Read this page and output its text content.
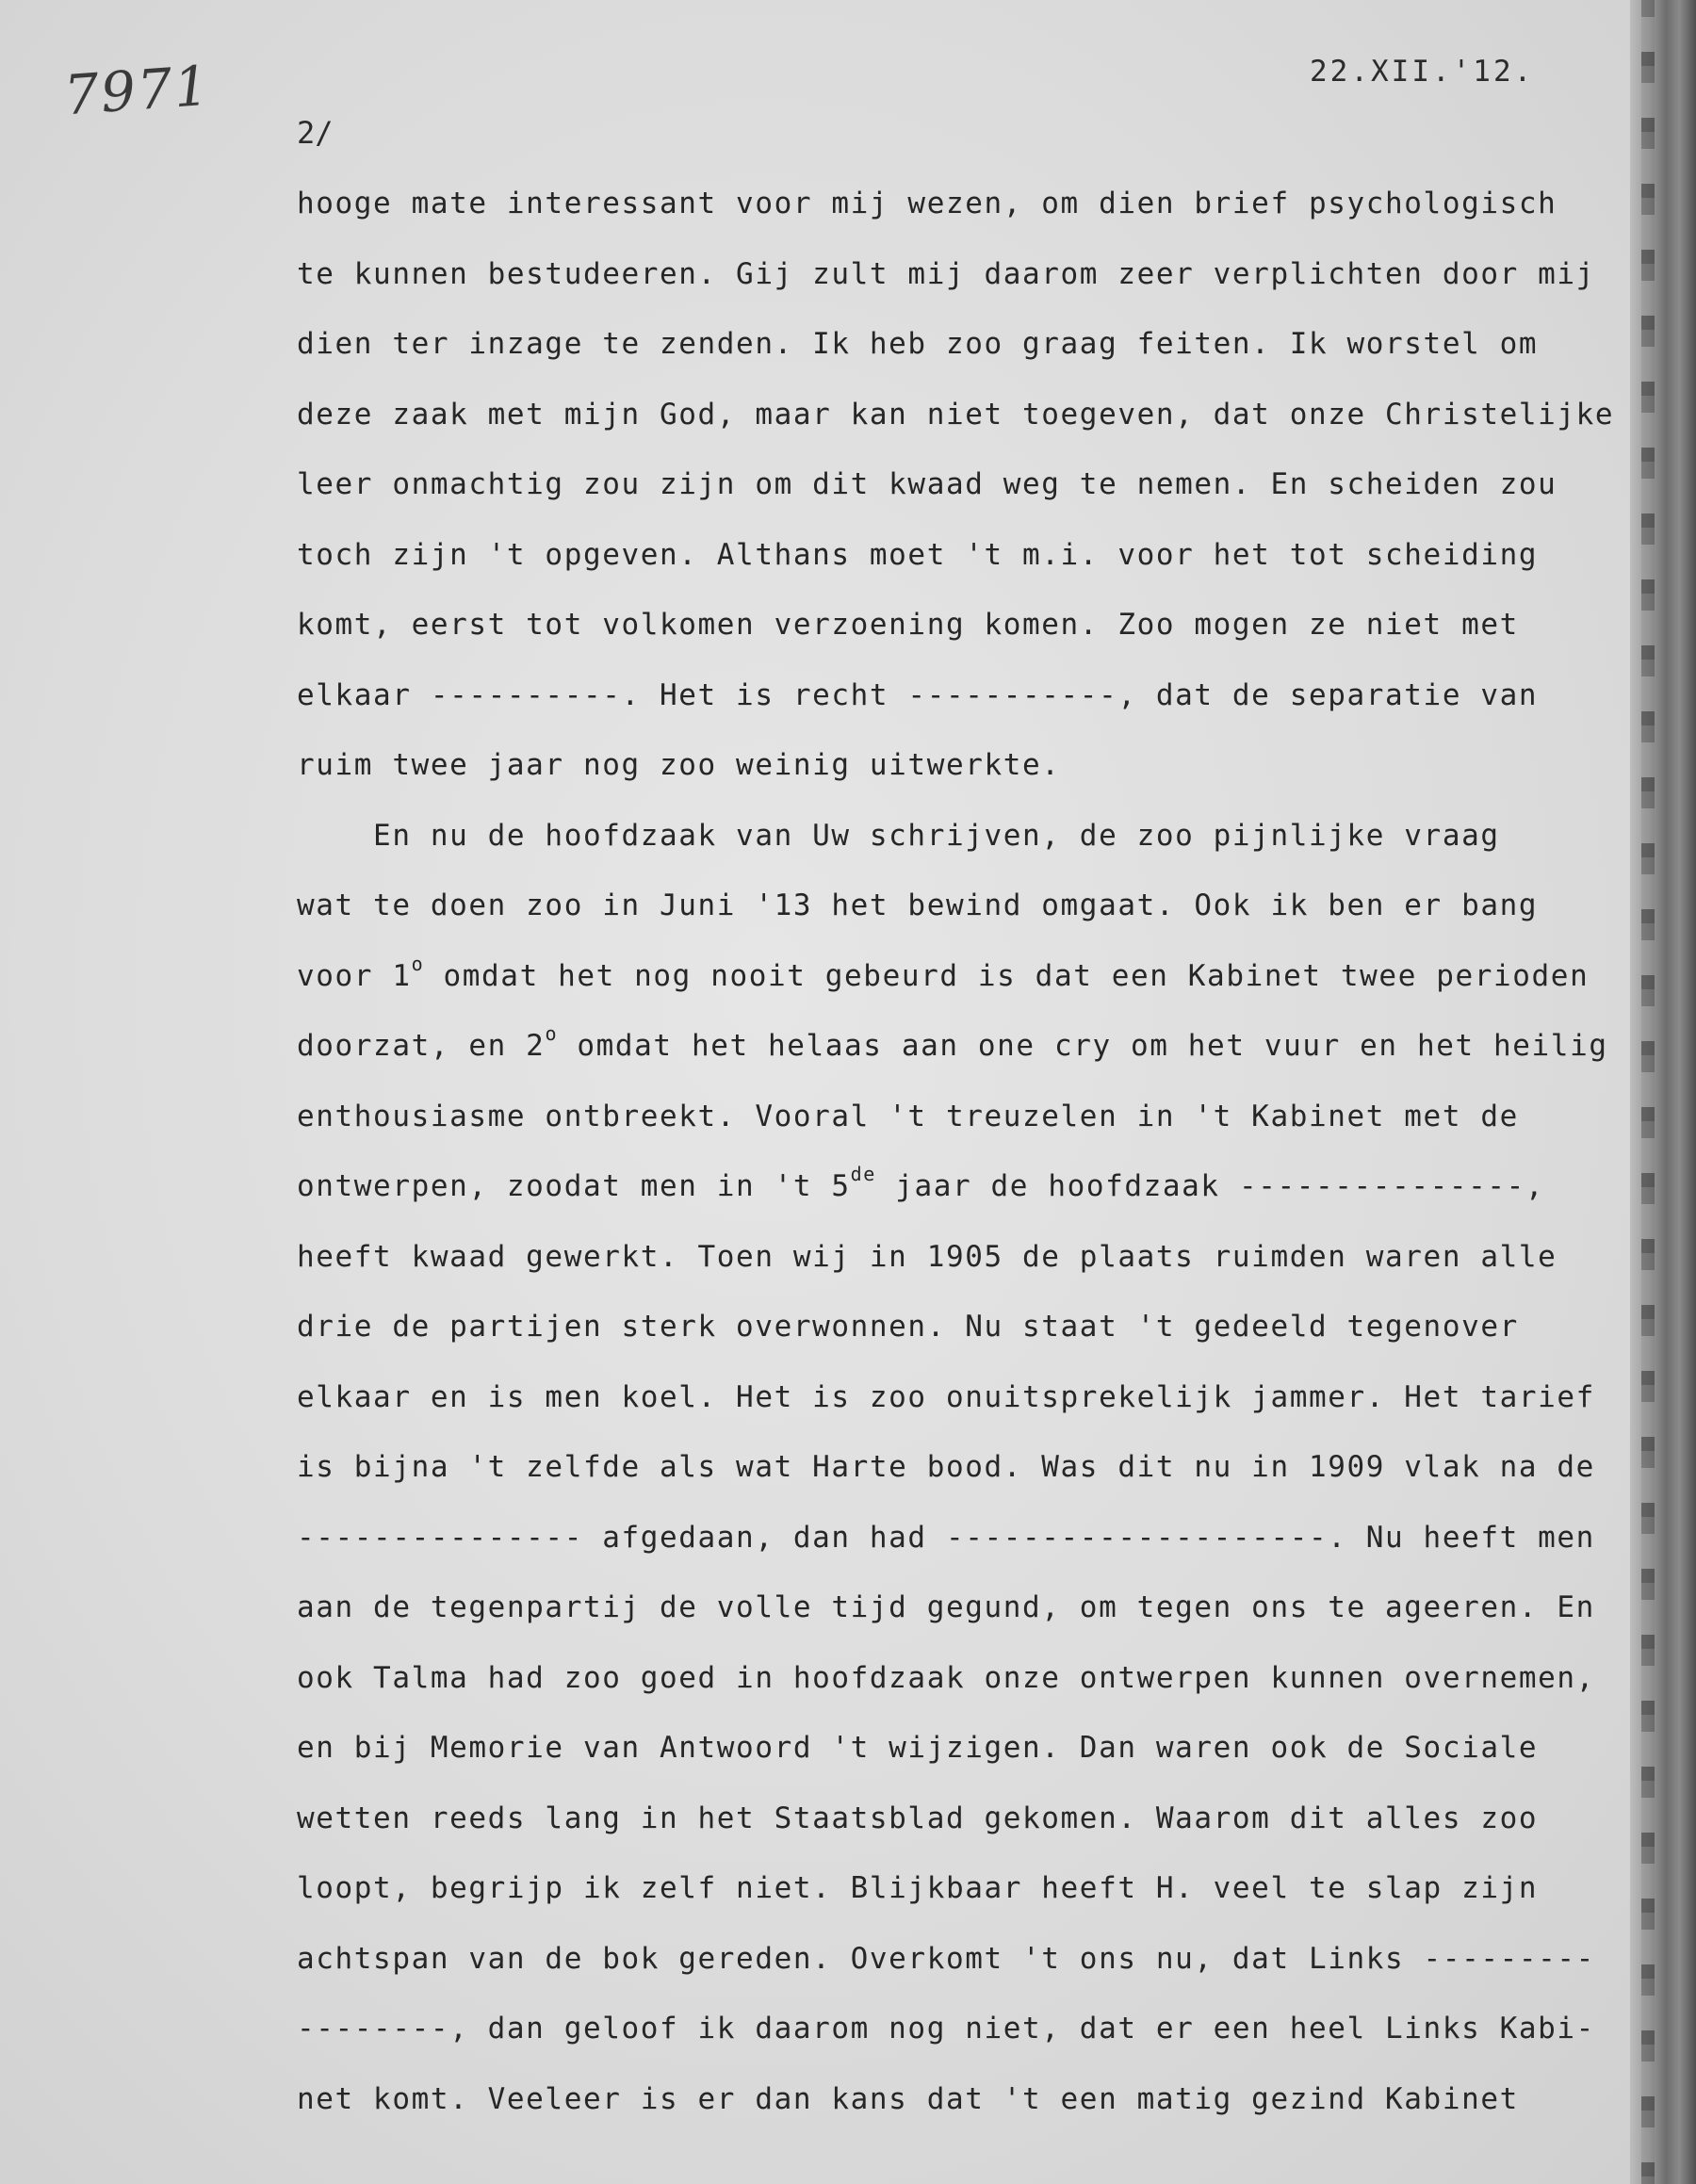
7971	22.XII.'12.
2/
hooge mate interessant voor mij wezen, om dien brief psychologisch
te kunnen bestudeeren. Gij zult mij daarom zeer verplichten door mij
dien ter inzage te zenden. Ik heb zoo graag feiten. Ik worstel om
deze zaak met mijn God, maar kan niet toegeven, dat onze Christelijke
leer onmachtig zou zijn om dit kwaad weg te nemen. En scheiden zou
toch zijn 't opgeven. Althans moet 't m.i. voor het tot scheiding
komt, eerst tot volkomen verzoening komen. Zoo mogen ze niet met
elkaar ----------. Het is recht -----------, dat de separatie van
ruim twee jaar nog zoo weinig uitwerkte.
En nu de hoofdzaak van Uw schrijven, de zoo pijnlijke vraag
wat te doen zoo in Juni '13 het bewind omgaat. Ook ik ben er bang
voor 1$^o$ omdat het nog nooit gebeurd is dat een Kabinet twee perioden
doorzat, en 2$^o$ omdat het helaas aan one cry om het vuur en het heilig
enthousiasme ontbreekt. Vooral 't treuzelen in 't Kabinet met de
ontwerpen, zoodat men in 't 5de jaar de hoofdzaak ---------------,
heeft kwaad gewerkt. Toen wij in 1905 de plaats ruimden waren alle
drie de partijen sterk overwonnen. Nu staat 't gedeeld tegenover
elkaar en is men koel. Het is zoo onuitsprekelijk jammer. Het tarief
is bijna 't zelfde als wat Harte bood. Was dit nu in 1909 vlak na de
--------------- afgedaan, dan had --------------------. Nu heeft men
aan de tegenpartij de volle tijd gegund, om tegen ons te ageeren. En
ook Talma had zoo goed in hoofdzaak onze ontwerpen kunnen overnemen,
en bij Memorie van Antwoord 't wijzigen. Dan waren ook de Sociale
wetten reeds lang in het Staatsblad gekomen. Waarom dit alles zoo
loopt, begrijp ik zelf niet. Blijkbaar heeft H. veel te slap zijn
achtspan van de bok gereden. Overkomt 't ons nu, dat Links ---------
--------, dan geloof ik daarom nog niet, dat er een heel Links Kabi-
net komt. Veeleer is er dan kans dat 't een matig gezind Kabinet
